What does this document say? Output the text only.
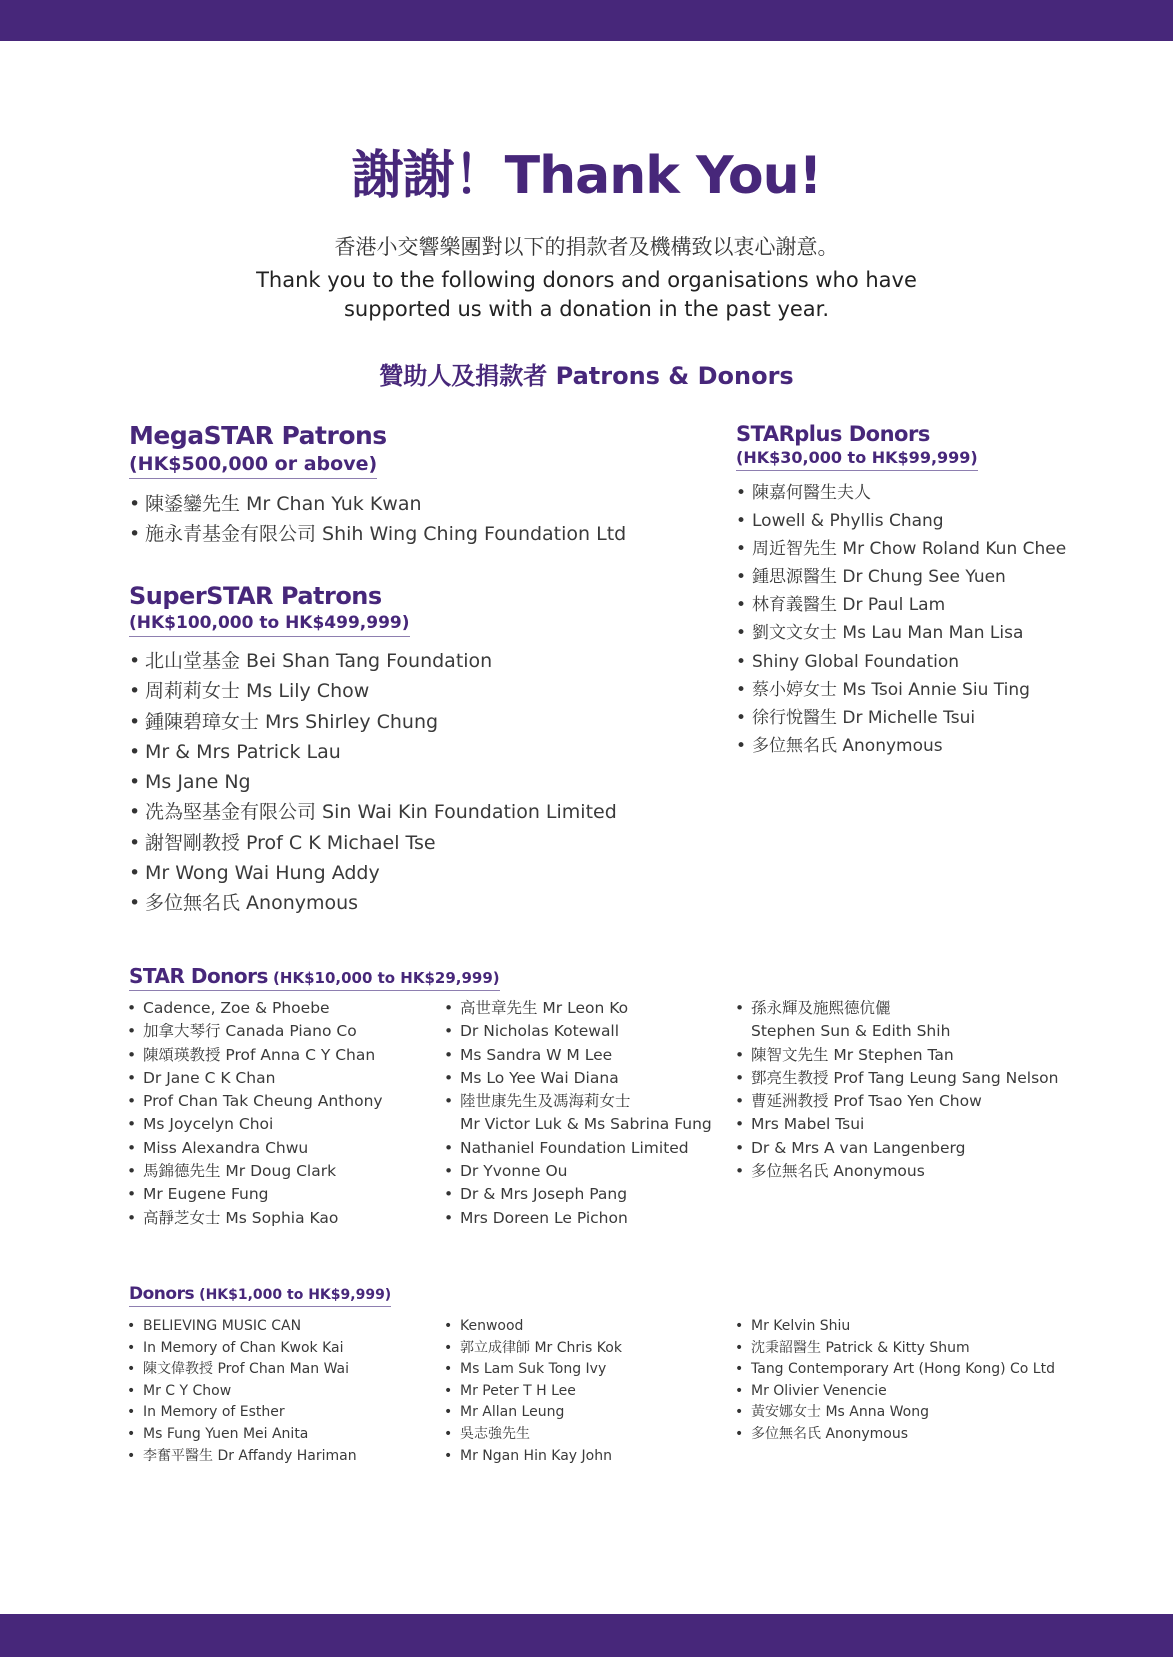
謝謝！Thank You!
香港小交響樂團對以下的捐款者及機構致以衷心謝意。
Thank you to the following donors and organisations who have supported us with a donation in the past year.
贊助人及捐款者 Patrons & Donors
MegaSTAR Patrons
(HK$500,000 or above)
• 陳鋈鑾先生 Mr Chan Yuk Kwan
• 施永青基金有限公司 Shih Wing Ching Foundation Ltd
SuperSTAR Patrons
(HK$100,000 to HK$499,999)
• 北山堂基金 Bei Shan Tang Foundation
• 周莉莉女士 Ms Lily Chow
• 鍾陳碧璋女士 Mrs Shirley Chung
• Mr & Mrs Patrick Lau
• Ms Jane Ng
• 冼為堅基金有限公司 Sin Wai Kin Foundation Limited
• 謝智剛教授 Prof C K Michael Tse
• Mr Wong Wai Hung Addy
• 多位無名氏 Anonymous
STARplus Donors
(HK$30,000 to HK$99,999)
• 陳嘉何醫生夫人
• Lowell & Phyllis Chang
• 周近智先生 Mr Chow Roland Kun Chee
• 鍾思源醫生 Dr Chung See Yuen
• 林育義醫生 Dr Paul Lam
• 劉文文女士 Ms Lau Man Man Lisa
• Shiny Global Foundation
• 蔡小婷女士 Ms Tsoi Annie Siu Ting
• 徐行悅醫生 Dr Michelle Tsui
• 多位無名氏 Anonymous
STAR Donors (HK$10,000 to HK$29,999)
• Cadence, Zoe & Phoebe
• 加拿大琴行 Canada Piano Co
• 陳頌瑛教授 Prof Anna C Y Chan
• Dr Jane C K Chan
• Prof Chan Tak Cheung Anthony
• Ms Joycelyn Choi
• Miss Alexandra Chwu
• 馬錦德先生 Mr Doug Clark
• Mr Eugene Fung
• 高靜芝女士 Ms Sophia Kao
• 高世章先生 Mr Leon Ko
• Dr Nicholas Kotewall
• Ms Sandra W M Lee
• Ms Lo Yee Wai Diana
• 陸世康先生及馮海莉女士
Mr Victor Luk & Ms Sabrina Fung
• Nathaniel Foundation Limited
• Dr Yvonne Ou
• Dr & Mrs Joseph Pang
• Mrs Doreen Le Pichon
• 孫永輝及施熙德伉儷
Stephen Sun & Edith Shih
• 陳智文先生 Mr Stephen Tan
• 鄧亮生教授 Prof Tang Leung Sang Nelson
• 曹延洲教授 Prof Tsao Yen Chow
• Mrs Mabel Tsui
• Dr & Mrs A van Langenberg
• 多位無名氏 Anonymous
Donors (HK$1,000 to HK$9,999)
• BELIEVING MUSIC CAN
• In Memory of Chan Kwok Kai
• 陳文偉教授 Prof Chan Man Wai
• Mr C Y Chow
• In Memory of Esther
• Ms Fung Yuen Mei Anita
• 李奮平醫生 Dr Affandy Hariman
• Kenwood
• 郭立成律師 Mr Chris Kok
• Ms Lam Suk Tong Ivy
• Mr Peter T H Lee
• Mr Allan Leung
• 吳志強先生
• Mr Ngan Hin Kay John
• Mr Kelvin Shiu
• 沈秉韶醫生 Patrick & Kitty Shum
• Tang Contemporary Art (Hong Kong) Co Ltd
• Mr Olivier Venencie
• 黃安娜女士 Ms Anna Wong
• 多位無名氏 Anonymous
